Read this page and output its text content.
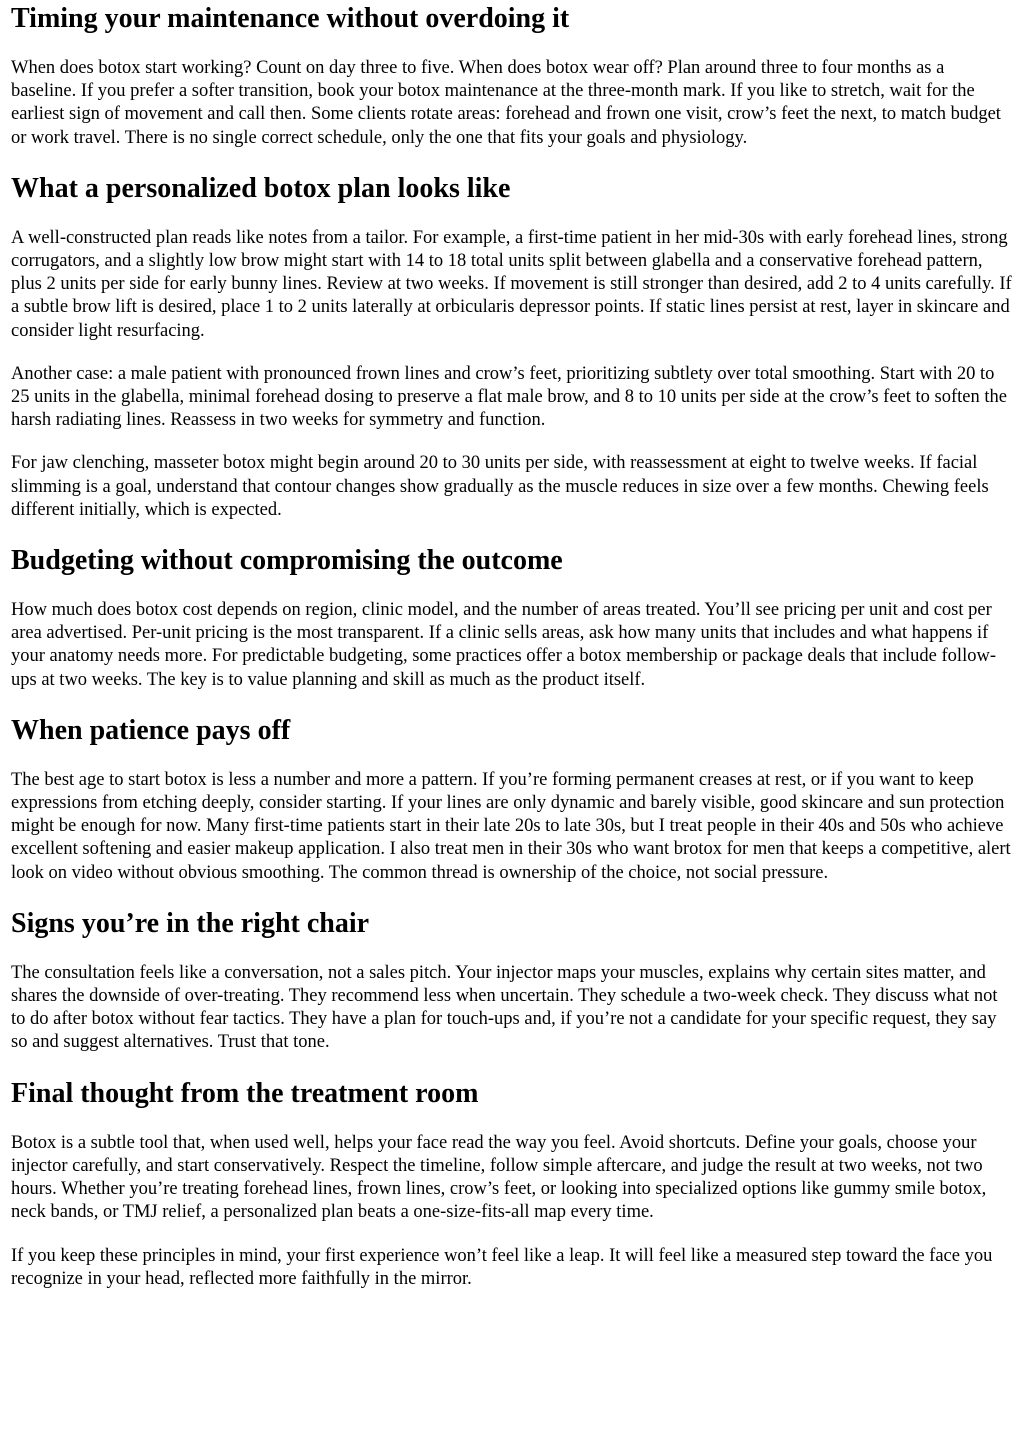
Timing your maintenance without overdoing it

When does botox start working? Count on day three to five. When does botox wear off? Plan around three to four months as a baseline. If you prefer a softer transition, book your botox maintenance at the three-month mark. If you like to stretch, wait for the earliest sign of movement and call then. Some clients rotate areas: forehead and frown one visit, crow’s feet the next, to match budget or work travel. There is no single correct schedule, only the one that fits your goals and physiology.

What a personalized botox plan looks like

A well-constructed plan reads like notes from a tailor. For example, a first-time patient in her mid-30s with early forehead lines, strong corrugators, and a slightly low brow might start with 14 to 18 total units split between glabella and a conservative forehead pattern, plus 2 units per side for early bunny lines. Review at two weeks. If movement is still stronger than desired, add 2 to 4 units carefully. If a subtle brow lift is desired, place 1 to 2 units laterally at orbicularis depressor points. If static lines persist at rest, layer in skincare and consider light resurfacing.

Another case: a male patient with pronounced frown lines and crow’s feet, prioritizing subtlety over total smoothing. Start with 20 to 25 units in the glabella, minimal forehead dosing to preserve a flat male brow, and 8 to 10 units per side at the crow’s feet to soften the harsh radiating lines. Reassess in two weeks for symmetry and function.

For jaw clenching, masseter botox might begin around 20 to 30 units per side, with reassessment at eight to twelve weeks. If facial slimming is a goal, understand that contour changes show gradually as the muscle reduces in size over a few months. Chewing feels different initially, which is expected.

Budgeting without compromising the outcome

How much does botox cost depends on region, clinic model, and the number of areas treated. You’ll see pricing per unit and cost per area advertised. Per-unit pricing is the most transparent. If a clinic sells areas, ask how many units that includes and what happens if your anatomy needs more. For predictable budgeting, some practices offer a botox membership or package deals that include follow-ups at two weeks. The key is to value planning and skill as much as the product itself.

When patience pays off

The best age to start botox is less a number and more a pattern. If you’re forming permanent creases at rest, or if you want to keep expressions from etching deeply, consider starting. If your lines are only dynamic and barely visible, good skincare and sun protection might be enough for now. Many first-time patients start in their late 20s to late 30s, but I treat people in their 40s and 50s who achieve excellent softening and easier makeup application. I also treat men in their 30s who want brotox for men that keeps a competitive, alert look on video without obvious smoothing. The common thread is ownership of the choice, not social pressure.

Signs you’re in the right chair

The consultation feels like a conversation, not a sales pitch. Your injector maps your muscles, explains why certain sites matter, and shares the downside of over-treating. They recommend less when uncertain. They schedule a two-week check. They discuss what not to do after botox without fear tactics. They have a plan for touch-ups and, if you’re not a candidate for your specific request, they say so and suggest alternatives. Trust that tone.

Final thought from the treatment room

Botox is a subtle tool that, when used well, helps your face read the way you feel. Avoid shortcuts. Define your goals, choose your injector carefully, and start conservatively. Respect the timeline, follow simple aftercare, and judge the result at two weeks, not two hours. Whether you’re treating forehead lines, frown lines, crow’s feet, or looking into specialized options like gummy smile botox, neck bands, or TMJ relief, a personalized plan beats a one-size-fits-all map every time.

If you keep these principles in mind, your first experience won’t feel like a leap. It will feel like a measured step toward the face you recognize in your head, reflected more faithfully in the mirror.
